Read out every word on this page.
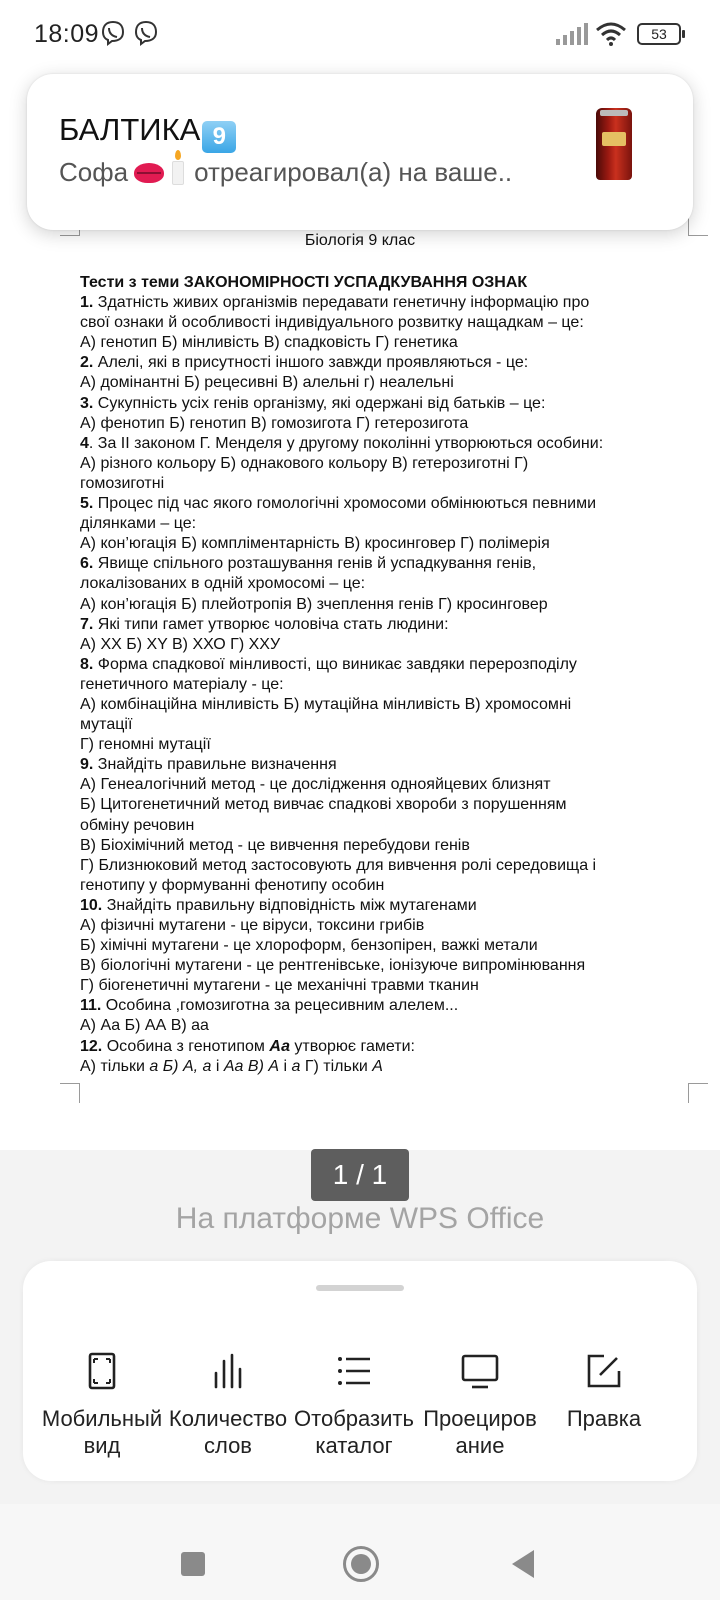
18:09	53
Біологія 9 клас
Тести з теми ЗАКОНОМІРНОСТІ УСПАДКУВАННЯ ОЗНАК
1. Здатність живих організмів передавати генетичну інформацію про
свої ознаки й особливості індивідуального розвитку нащадкам – це:
А) генотип Б) мінливість В) спадковість Г) генетика
2. Алелі, які в присутності іншого завжди проявляються - це:
А) домінантні Б) рецесивні В) алельні г) неалельні
3. Сукупність усіх генів організму, які одержані від батьків – це:
А) фенотип Б) генотип В) гомозигота Г) гетерозигота
4. За ІІ законом Г. Менделя у другому поколінні утворюються особини:
А) різного кольору Б) однакового кольору В) гетерозиготні Г)
гомозиготні
5. Процес під час якого гомологічні хромосоми обмінюються певними
ділянками – це:
А) кон’югація Б) компліментарність В) кросинговер Г) полімерія
6. Явище спільного розташування генів й успадкування генів,
локалізованих в одній хромосомі – це:
А) кон’югація Б) плейотропія В) зчеплення генів Г) кросинговер
7. Які типи гамет утворює чоловіча стать людини:
А) ХХ Б) ХY В) ХХО Г) ХХУ
8. Форма спадкової мінливості, що виникає завдяки перерозподілу
генетичного матеріалу - це:
А) комбінаційна мінливість Б) мутаційна мінливість В) хромосомні
мутації
Г) геномні мутації
9. Знайдіть правильне визначення
А) Генеалогічний метод - це дослідження однояйцевих близнят
Б) Цитогенетичний метод вивчає спадкові хвороби з порушенням
обміну речовин
В) Біохімічний метод - це вивчення перебудови генів
Г) Близнюковий метод застосовують для вивчення ролі середовища і
генотипу у формуванні фенотипу особин
10. Знайдіть правильну відповідність між мутагенами
А) фізичні мутагени - це віруси, токсини грибів
Б) хімічні мутагени - це хлороформ, бензопірен, важкі метали
В) біологічні мутагени - це рентгенівське, іонізуюче випромінювання
Г) біогенетичні мутагени - це механічні травми тканин
11. Особина ,гомозиготна за рецесивним алелем...
А) Аа Б) АА В) аа
12. Особина з генотипом Аа утворює гамети:
А) тільки а Б) А, а і Аа В) А і а Г) тільки А
БАЛТИКА 9
Софа	отреагировал(а) на ваше..
1 / 1
На платформе WPS Office
Мобильный
вид
Количество
слов
Отобразить
каталог
Проециров
ание
Правка
